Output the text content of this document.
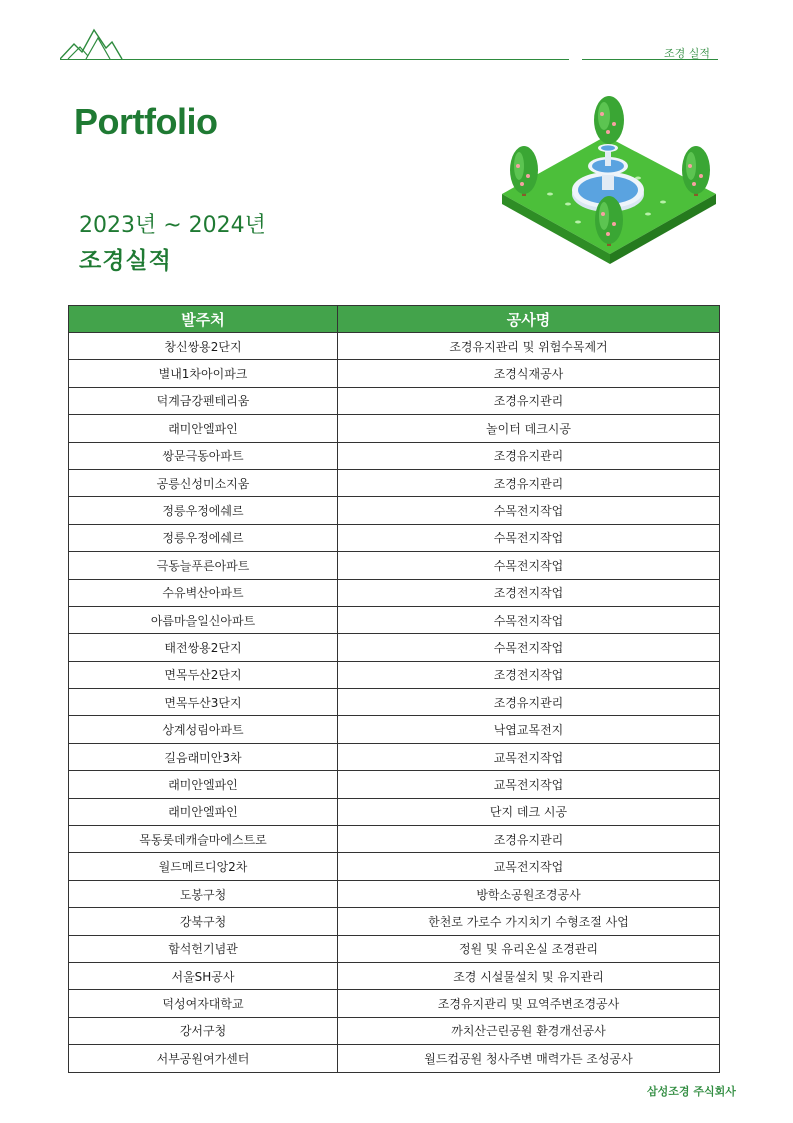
조경 실적
Portfolio
2023년 ~ 2024년
조경실적
발주처	공사명
창신쌍용2단지	조경유지관리 및 위험수목제거
별내1차아이파크	조경식재공사
덕계금강펜테리움	조경유지관리
래미안엘파인	놀이터 데크시공
쌍문극동아파트	조경유지관리
공릉신성미소지움	조경유지관리
정릉우정에쉐르	수목전지작업
정릉우정에쉐르	수목전지작업
극동늘푸른아파트	수목전지작업
수유벽산아파트	조경전지작업
아름마을일신아파트	수목전지작업
태전쌍용2단지	수목전지작업
면목두산2단지	조경전지작업
면목두산3단지	조경유지관리
상계성림아파트	낙엽교목전지
길음래미안3차	교목전지작업
래미안엘파인	교목전지작업
래미안엘파인	단지 데크 시공
목동롯데캐슬마에스트로	조경유지관리
월드메르디앙2차	교목전지작업
도봉구청	방학소공원조경공사
강북구청	한천로 가로수 가지치기 수형조절 사업
함석헌기념관	정원 및 유리온실 조경관리
서울SH공사	조경 시설물설치 및 유지관리
덕성여자대학교	조경유지관리 및 묘역주변조경공사
강서구청	까치산근린공원 환경개선공사
서부공원여가센터	월드컵공원 청사주변 매력가든 조성공사
삼성조경 주식회사
